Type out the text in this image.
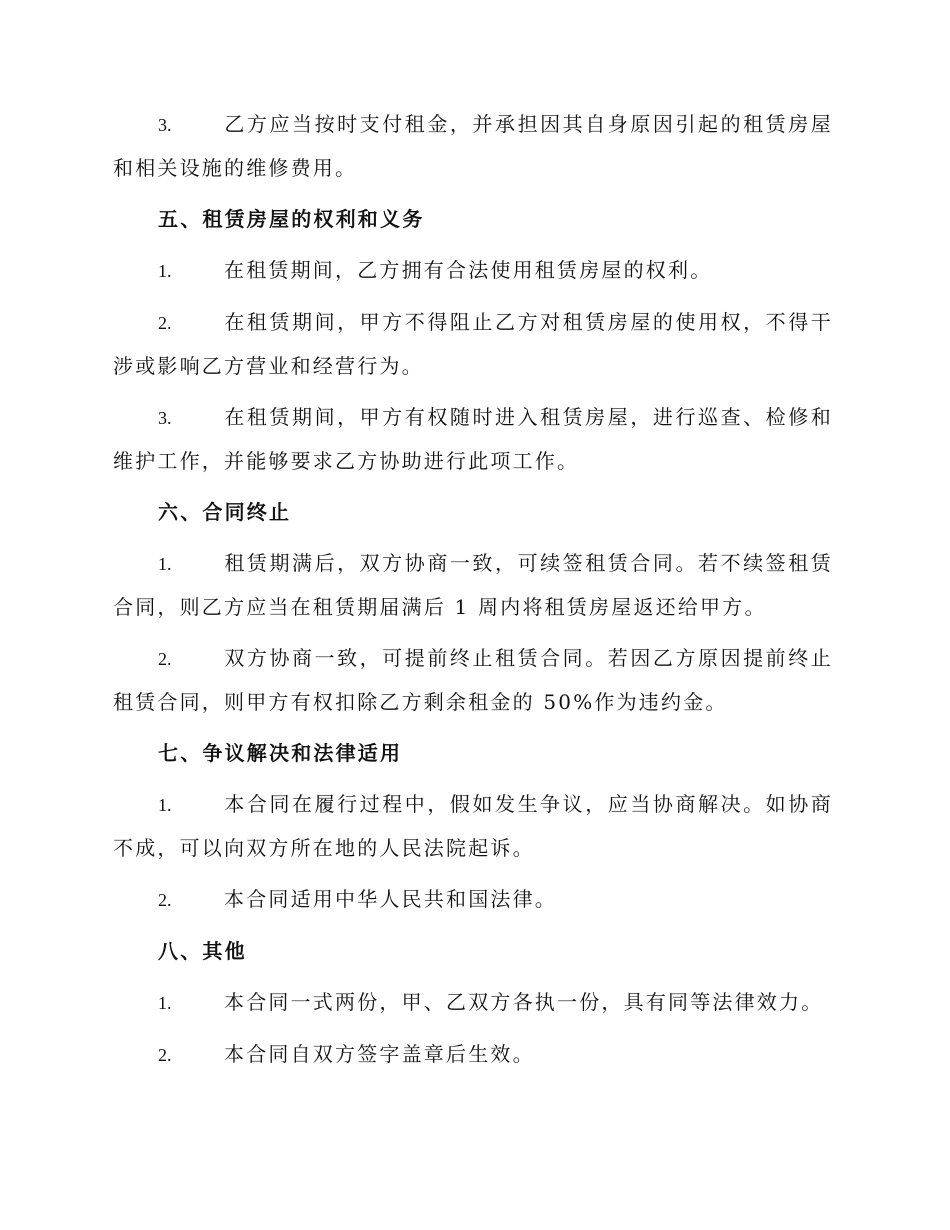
3.	乙方应当按时支付租金，并承担因其自身原因引起的租赁房屋和相关设施的维修费用。

五、租赁房屋的权利和义务

1.	在租赁期间，乙方拥有合法使用租赁房屋的权利。

2.	在租赁期间，甲方不得阻止乙方对租赁房屋的使用权，不得干涉或影响乙方营业和经营行为。

3.	在租赁期间，甲方有权随时进入租赁房屋，进行巡查、检修和维护工作，并能够要求乙方协助进行此项工作。

六、合同终止

1.	租赁期满后，双方协商一致，可续签租赁合同。若不续签租赁合同，则乙方应当在租赁期届满后 1 周内将租赁房屋返还给甲方。

2.	双方协商一致，可提前终止租赁合同。若因乙方原因提前终止租赁合同，则甲方有权扣除乙方剩余租金的 50%作为违约金。

七、争议解决和法律适用

1.	本合同在履行过程中，假如发生争议，应当协商解决。如协商不成，可以向双方所在地的人民法院起诉。

2.	本合同适用中华人民共和国法律。

八、其他

1.	本合同一式两份，甲、乙双方各执一份，具有同等法律效力。

2.	本合同自双方签字盖章后生效。
